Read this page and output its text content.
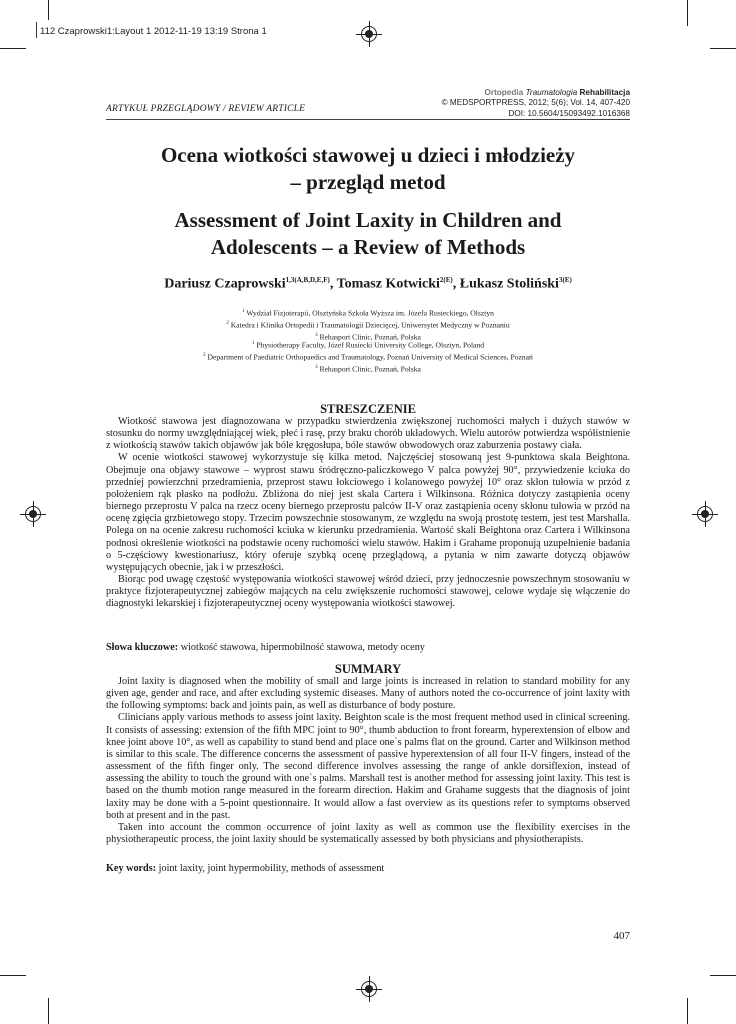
112 Czaprowski1:Layout 1 2012-11-19 13:19 Strona 1
ARTYKUŁ PRZEGLĄDOWY / REVIEW ARTICLE
Ortopedia Traumatologia Rehabilitacja
© MEDSPORTPRESS, 2012; 5(6); Vol. 14, 407-420
DOI: 10.5604/15093492.1016368
Ocena wiotkości stawowej u dzieci i młodzieży
– przegląd metod
Assessment of Joint Laxity in Children and
Adolescents – a Review of Methods
Dariusz Czaprowski$^{1,3(A,B,D,E,F)}$, Tomasz Kotwicki$^{2(E)}$, Łukasz Stoliński$^{3(E)}$
$^1$ Wydział Fizjoterapii, Olsztyńska Szkoła Wyższa im. Józefa Rusieckiego, Olsztyn
$^2$ Katedra i Klinika Ortopedii i Traumatologii Dziecięcej, Uniwersytet Medyczny w Poznaniu
$^3$ Rehasport Clinic, Poznań, Polska
$^1$ Physiotherapy Faculty, Józef Rusiecki University College, Olsztyn, Poland
$^2$ Department of Paediatric Orthopaedics and Traumatology, Poznań University of Medical Sciences, Poznań
$^3$ Rehasport Clinic, Poznań, Polska
STRESZCZENIE

Wiotkość stawowa jest diagnozowana w przypadku stwierdzenia zwiększonej ruchomości małych i dużych stawów w stosunku do normy uwzględniającej wiek, płeć i rasę, przy braku chorób układowych. Wielu autorów potwierdza współistnienie z wiotkością stawów takich objawów jak bóle kręgosłupa, bóle stawów obwodowych oraz zaburzenia postawy ciała.

W ocenie wiotkości stawowej wykorzystuje się kilka metod. Najczęściej stosowaną jest 9-punktowa skala Beightona. Obejmuje ona objawy stawowe – wyprost stawu śródręczno-paliczkowego V palca powyżej 90°, przywiedzenie kciuka do przedniej powierzchni przedramienia, przeprost stawu łokciowego i kolanowego powyżej 10° oraz skłon tułowia w przód z położeniem rąk płasko na podłożu. Zbliżona do niej jest skala Cartera i Wilkinsona. Różnica dotyczy zastąpienia oceny biernego przeprostu V palca na rzecz oceny biernego przeprostu palców II-V oraz zastąpienia oceny skłonu tułowia w przód na ocenę zgięcia grzbietowego stopy. Trzecim powszechnie stosowanym, ze względu na swoją prostotę testem, jest test Marshalla. Polega on na ocenie zakresu ruchomości kciuka w kierunku przedramienia. Wartość skali Beightona oraz Cartera i Wilkinsona podnosi określenie wiotkości na podstawie oceny ruchomości wielu stawów. Hakim i Grahame proponują uzupełnienie badania o 5-częściowy kwestionariusz, który oferuje szybką ocenę przeglądową, a pytania w nim zawarte dotyczą objawów występujących obecnie, jak i w przeszłości.

Biorąc pod uwagę częstość występowania wiotkości stawowej wśród dzieci, przy jednoczesnie powszechnym stosowaniu w praktyce fizjoterapeutycznej zabiegów mających na celu zwiększenie ruchomości stawowej, celowe wydaje się włączenie do diagnostyki lekarskiej i fizjoterapeutycznej oceny występowania wiotkości stawowej.

Słowa kluczowe: wiotkość stawowa, hipermobilność stawowa, metody oceny
SUMMARY

Joint laxity is diagnosed when the mobility of small and large joints is increased in relation to standard mobility for any given age, gender and race, and after excluding systemic diseases. Many of authors noted the co-occurrence of joint laxity with the following symptoms: back and joints pain, as well as disturbance of body posture.

Clinicians apply various methods to assess joint laxity. Beighton scale is the most frequent method used in clinical screening. It consists of assessing: extension of the fifth MPC joint to 90°, thumb abduction to front forearm, hyperextension of elbow and knee joint above 10°, as well as capability to stand bend and place one`s palms flat on the ground. Carter and Wilkinson method is similar to this scale. The difference concerns the assessment of passive hyperextension of all four II-V fingers, instead of the assessment of the fifth finger only. The second difference involves assessing the range of ankle dorsiflexion, instead of assessing the ability to touch the ground with one`s palms. Marshall test is another method for assessing joint laxity. This test is based on the thumb motion range measured in the forearm direction. Hakim and Grahame suggests that the diagnosis of joint laxity may be done with a 5-point questionnaire. It would allow a fast overview as its questions refer to symptoms observed both at present and in the past.

Taken into account the common occurrence of joint laxity as well as common use the flexibility exercises in the physiotherapeutic process, the joint laxity should be systematically assessed by both physicians and physiotherapists.

Key words: joint laxity, joint hypermobility, methods of assessment
407
